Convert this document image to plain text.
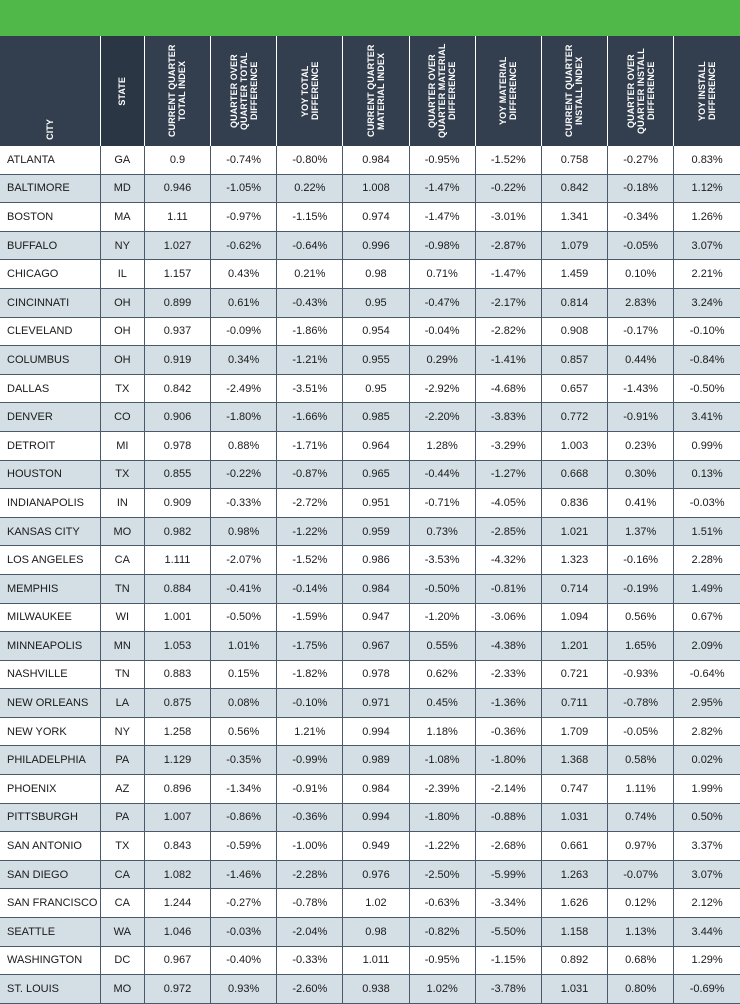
CITY	STATE	CURRENT QUARTER TOTAL INDEX	QUARTER OVER QUARTER TOTAL DIFFERENCE	YOY TOTAL DIFFERENCE	CURRENT QUARTER MATERIAL INDEX	QUARTER OVER QUARTER MATERIAL DIFFERENCE	YOY MATERIAL DIFFERENCE	CURRENT QUARTER INSTALL INDEX	QUARTER OVER QUARTER INSTALL DIFFERENCE	YOY INSTALL DIFFERENCE

ATLANTA	GA	0.9	-0.74%	-0.80%	0.984	-0.95%	-1.52%	0.758	-0.27%	0.83%
BALTIMORE	MD	0.946	-1.05%	0.22%	1.008	-1.47%	-0.22%	0.842	-0.18%	1.12%
BOSTON	MA	1.11	-0.97%	-1.15%	0.974	-1.47%	-3.01%	1.341	-0.34%	1.26%
BUFFALO	NY	1.027	-0.62%	-0.64%	0.996	-0.98%	-2.87%	1.079	-0.05%	3.07%
CHICAGO	IL	1.157	0.43%	0.21%	0.98	0.71%	-1.47%	1.459	0.10%	2.21%
CINCINNATI	OH	0.899	0.61%	-0.43%	0.95	-0.47%	-2.17%	0.814	2.83%	3.24%
CLEVELAND	OH	0.937	-0.09%	-1.86%	0.954	-0.04%	-2.82%	0.908	-0.17%	-0.10%
COLUMBUS	OH	0.919	0.34%	-1.21%	0.955	0.29%	-1.41%	0.857	0.44%	-0.84%
DALLAS	TX	0.842	-2.49%	-3.51%	0.95	-2.92%	-4.68%	0.657	-1.43%	-0.50%
DENVER	CO	0.906	-1.80%	-1.66%	0.985	-2.20%	-3.83%	0.772	-0.91%	3.41%
DETROIT	MI	0.978	0.88%	-1.71%	0.964	1.28%	-3.29%	1.003	0.23%	0.99%
HOUSTON	TX	0.855	-0.22%	-0.87%	0.965	-0.44%	-1.27%	0.668	0.30%	0.13%
INDIANAPOLIS	IN	0.909	-0.33%	-2.72%	0.951	-0.71%	-4.05%	0.836	0.41%	-0.03%
KANSAS CITY	MO	0.982	0.98%	-1.22%	0.959	0.73%	-2.85%	1.021	1.37%	1.51%
LOS ANGELES	CA	1.111	-2.07%	-1.52%	0.986	-3.53%	-4.32%	1.323	-0.16%	2.28%
MEMPHIS	TN	0.884	-0.41%	-0.14%	0.984	-0.50%	-0.81%	0.714	-0.19%	1.49%
MILWAUKEE	WI	1.001	-0.50%	-1.59%	0.947	-1.20%	-3.06%	1.094	0.56%	0.67%
MINNEAPOLIS	MN	1.053	1.01%	-1.75%	0.967	0.55%	-4.38%	1.201	1.65%	2.09%
NASHVILLE	TN	0.883	0.15%	-1.82%	0.978	0.62%	-2.33%	0.721	-0.93%	-0.64%
NEW ORLEANS	LA	0.875	0.08%	-0.10%	0.971	0.45%	-1.36%	0.711	-0.78%	2.95%
NEW YORK	NY	1.258	0.56%	1.21%	0.994	1.18%	-0.36%	1.709	-0.05%	2.82%
PHILADELPHIA	PA	1.129	-0.35%	-0.99%	0.989	-1.08%	-1.80%	1.368	0.58%	0.02%
PHOENIX	AZ	0.896	-1.34%	-0.91%	0.984	-2.39%	-2.14%	0.747	1.11%	1.99%
PITTSBURGH	PA	1.007	-0.86%	-0.36%	0.994	-1.80%	-0.88%	1.031	0.74%	0.50%
SAN ANTONIO	TX	0.843	-0.59%	-1.00%	0.949	-1.22%	-2.68%	0.661	0.97%	3.37%
SAN DIEGO	CA	1.082	-1.46%	-2.28%	0.976	-2.50%	-5.99%	1.263	-0.07%	3.07%
SAN FRANCISCO	CA	1.244	-0.27%	-0.78%	1.02	-0.63%	-3.34%	1.626	0.12%	2.12%
SEATTLE	WA	1.046	-0.03%	-2.04%	0.98	-0.82%	-5.50%	1.158	1.13%	3.44%
WASHINGTON	DC	0.967	-0.40%	-0.33%	1.011	-0.95%	-1.15%	0.892	0.68%	1.29%
ST. LOUIS	MO	0.972	0.93%	-2.60%	0.938	1.02%	-3.78%	1.031	0.80%	-0.69%
